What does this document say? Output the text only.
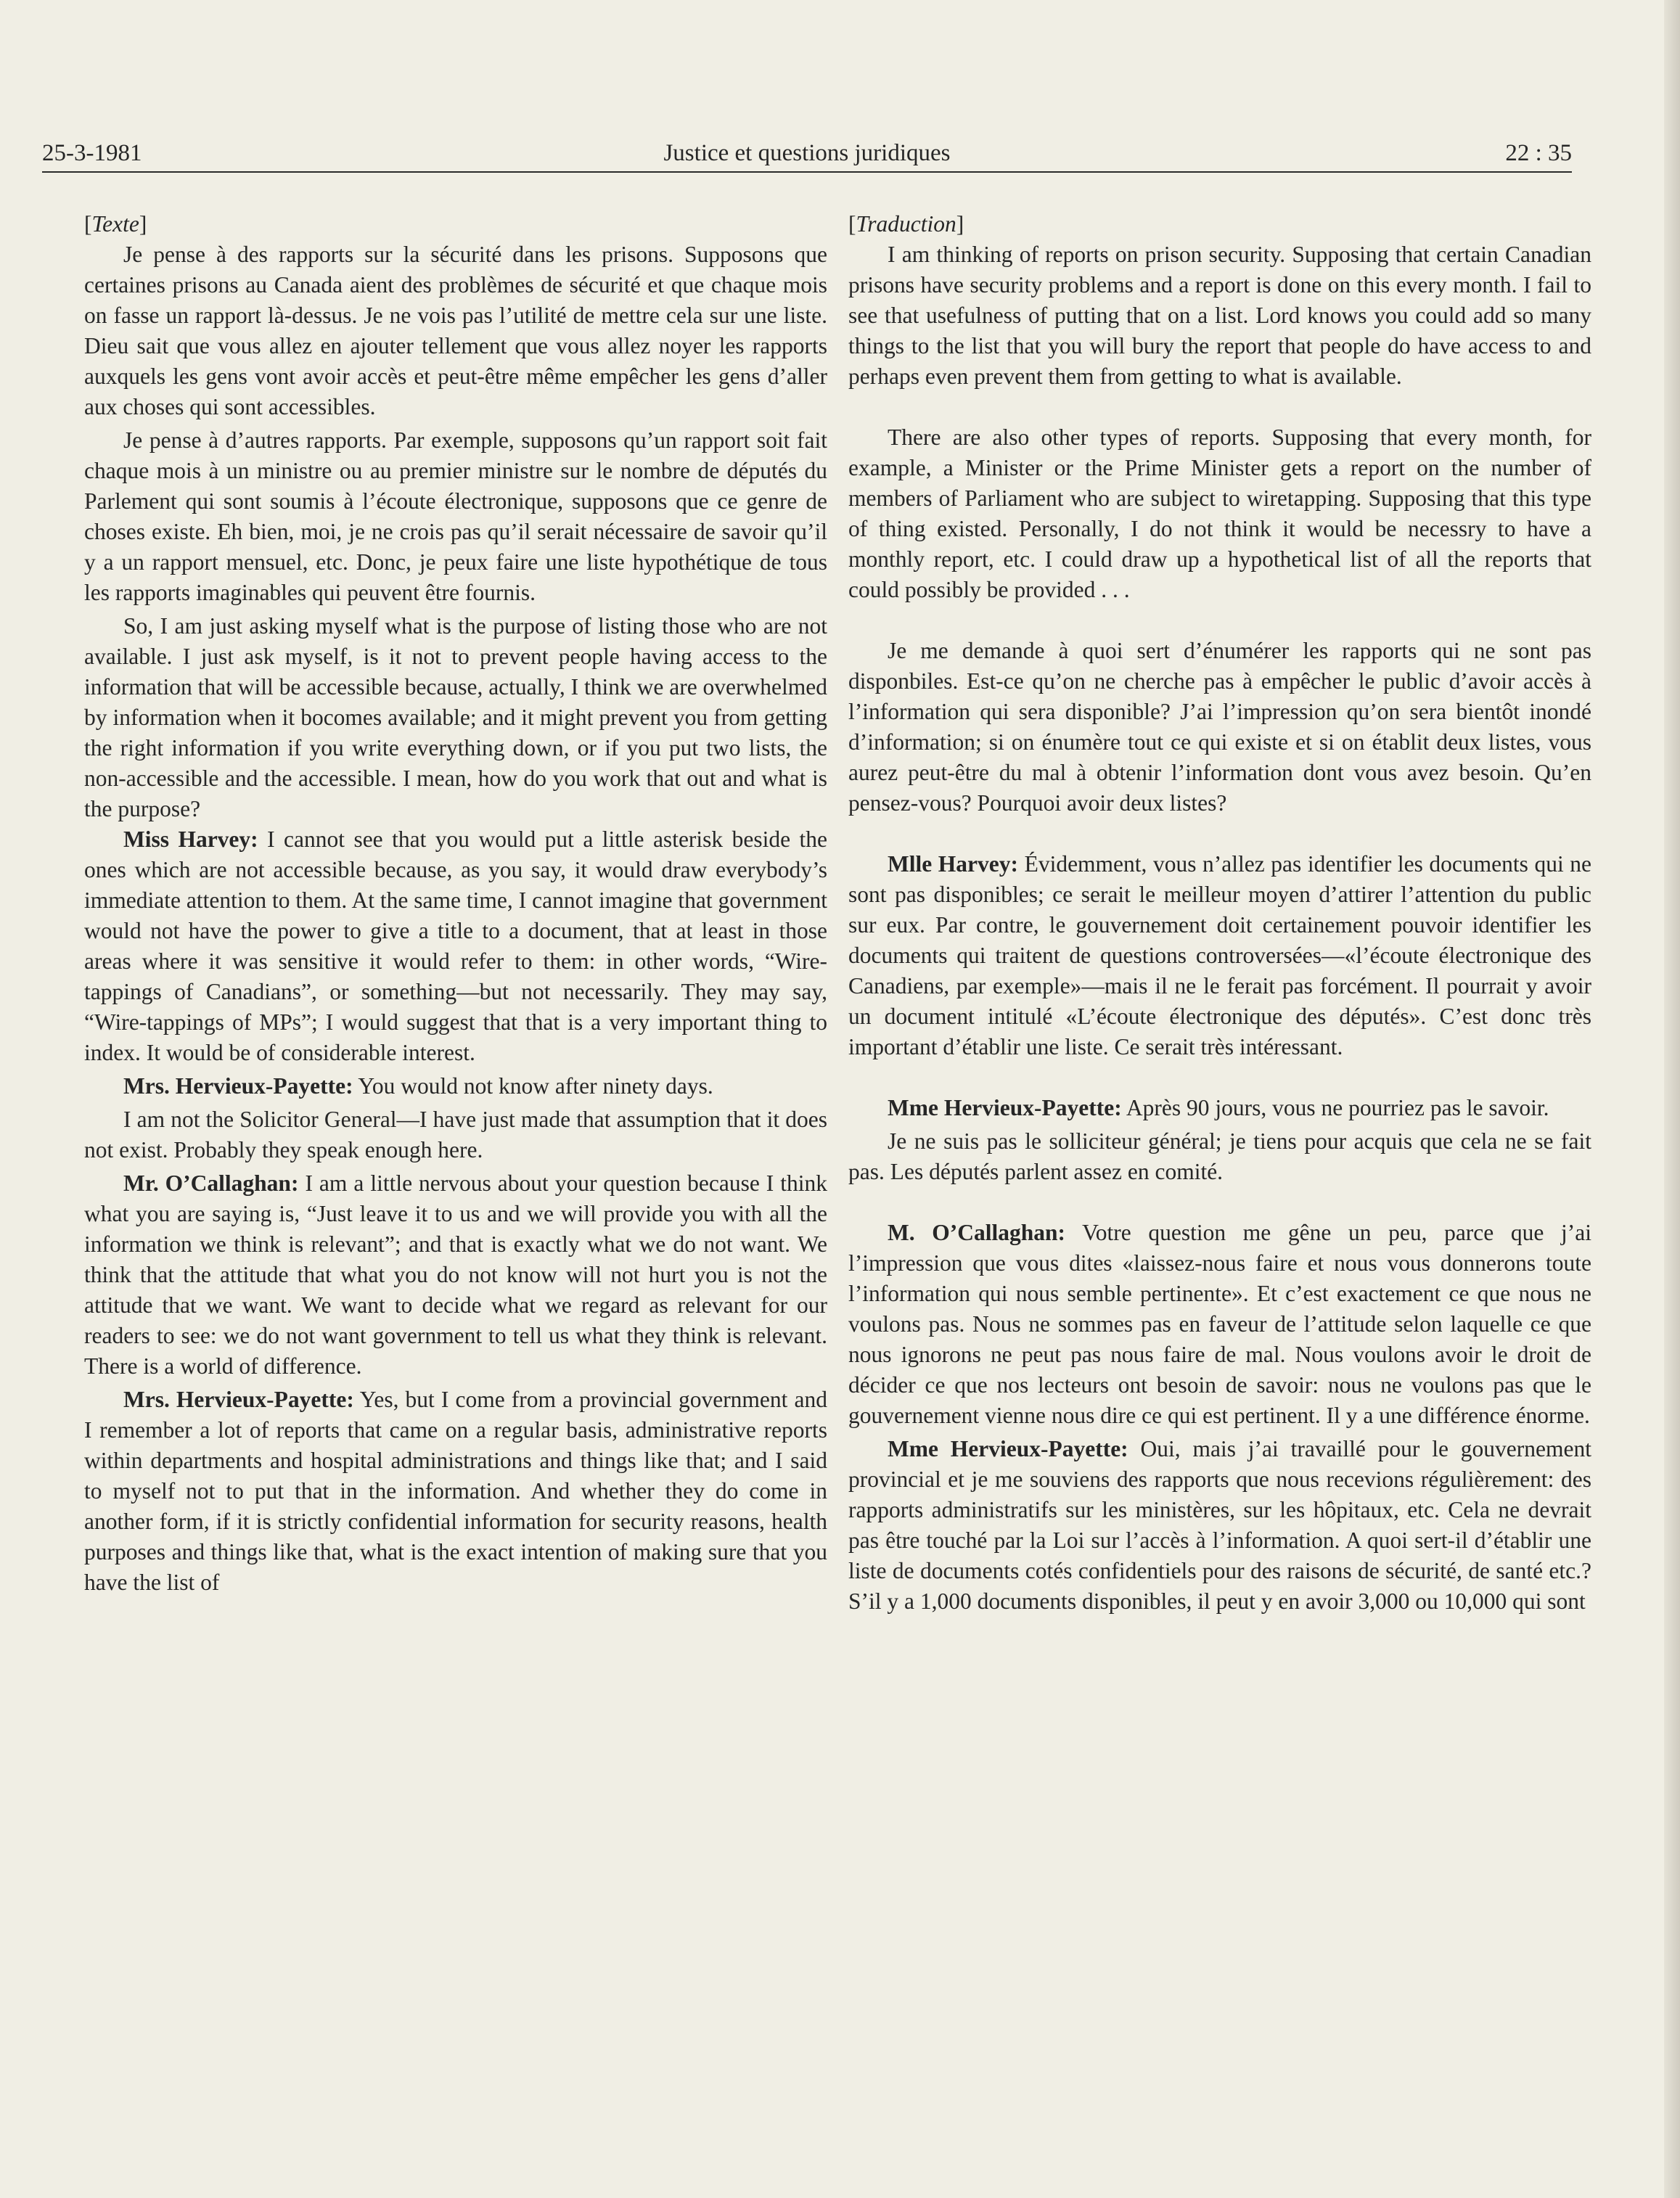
25-3-1981	Justice et questions juridiques	22 : 35

[Texte]

Je pense à des rapports sur la sécurité dans les prisons. Supposons que certaines prisons au Canada aient des problèmes de sécurité et que chaque mois on fasse un rapport là-dessus. Je ne vois pas l’utilité de mettre cela sur une liste. Dieu sait que vous allez en ajouter tellement que vous allez noyer les rapports auxquels les gens vont avoir accès et peut-être même empêcher les gens d’aller aux choses qui sont accessibles.

Je pense à d’autres rapports. Par exemple, supposons qu’un rapport soit fait chaque mois à un ministre ou au premier ministre sur le nombre de députés du Parlement qui sont soumis à l’écoute électronique, supposons que ce genre de choses existe. Eh bien, moi, je ne crois pas qu’il serait nécessaire de savoir qu’il y a un rapport mensuel, etc. Donc, je peux faire une liste hypothétique de tous les rapports imaginables qui peuvent être fournis.

So, I am just asking myself what is the purpose of listing those who are not available. I just ask myself, is it not to prevent people having access to the information that will be accessible because, actually, I think we are overwhelmed by information when it bocomes available; and it might prevent you from getting the right information if you write everything down, or if you put two lists, the non-accessible and the accessible. I mean, how do you work that out and what is the purpose?

Miss Harvey: I cannot see that you would put a little asterisk beside the ones which are not accessible because, as you say, it would draw everybody’s immediate attention to them. At the same time, I cannot imagine that government would not have the power to give a title to a document, that at least in those areas where it was sensitive it would refer to them: in other words, “Wire-tappings of Canadians”, or something—but not necessarily. They may say, “Wire-tappings of MPs”; I would suggest that that is a very important thing to index. It would be of considerable interest.

Mrs. Hervieux-Payette: You would not know after ninety days.

I am not the Solicitor General—I have just made that assumption that it does not exist. Probably they speak enough here.

Mr. O’Callaghan: I am a little nervous about your question because I think what you are saying is, “Just leave it to us and we will provide you with all the information we think is relevant”; and that is exactly what we do not want. We think that the attitude that what you do not know will not hurt you is not the attitude that we want. We want to decide what we regard as relevant for our readers to see: we do not want government to tell us what they think is relevant. There is a world of difference.

Mrs. Hervieux-Payette: Yes, but I come from a provincial government and I remember a lot of reports that came on a regular basis, administrative reports within departments and hospital administrations and things like that; and I said to myself not to put that in the information. And whether they do come in another form, if it is strictly confidential information for security reasons, health purposes and things like that, what is the exact intention of making sure that you have the list of

[Traduction]

I am thinking of reports on prison security. Supposing that certain Canadian prisons have security problems and a report is done on this every month. I fail to see that usefulness of putting that on a list. Lord knows you could add so many things to the list that you will bury the report that people do have access to and perhaps even prevent them from getting to what is available.

There are also other types of reports. Supposing that every month, for example, a Minister or the Prime Minister gets a report on the number of members of Parliament who are subject to wiretapping. Supposing that this type of thing existed. Personally, I do not think it would be necessry to have a monthly report, etc. I could draw up a hypothetical list of all the reports that could possibly be provided . . .

Je me demande à quoi sert d’énumérer les rapports qui ne sont pas disponbiles. Est-ce qu’on ne cherche pas à empêcher le public d’avoir accès à l’information qui sera disponible? J’ai l’impression qu’on sera bientôt inondé d’information; si on énumère tout ce qui existe et si on établit deux listes, vous aurez peut-être du mal à obtenir l’information dont vous avez besoin. Qu’en pensez-vous? Pourquoi avoir deux listes?

Mlle Harvey: Évidemment, vous n’allez pas identifier les documents qui ne sont pas disponibles; ce serait le meilleur moyen d’attirer l’attention du public sur eux. Par contre, le gouvernement doit certainement pouvoir identifier les documents qui traitent de questions controversées—«l’écoute électronique des Canadiens, par exemple»—mais il ne le ferait pas forcément. Il pourrait y avoir un document intitulé «L’écoute électronique des députés». C’est donc très important d’établir une liste. Ce serait très intéressant.

Mme Hervieux-Payette: Après 90 jours, vous ne pourriez pas le savoir.

Je ne suis pas le solliciteur général; je tiens pour acquis que cela ne se fait pas. Les députés parlent assez en comité.

M. O’Callaghan: Votre question me gêne un peu, parce que j’ai l’impression que vous dites «laissez-nous faire et nous vous donnerons toute l’information qui nous semble pertinente». Et c’est exactement ce que nous ne voulons pas. Nous ne sommes pas en faveur de l’attitude selon laquelle ce que nous ignorons ne peut pas nous faire de mal. Nous voulons avoir le droit de décider ce que nos lecteurs ont besoin de savoir: nous ne voulons pas que le gouvernement vienne nous dire ce qui est pertinent. Il y a une différence énorme.

Mme Hervieux-Payette: Oui, mais j’ai travaillé pour le gouvernement provincial et je me souviens des rapports que nous recevions régulièrement: des rapports administratifs sur les ministères, sur les hôpitaux, etc. Cela ne devrait pas être touché par la Loi sur l’accès à l’information. A quoi sert-il d’établir une liste de documents cotés confidentiels pour des raisons de sécurité, de santé etc.? S’il y a 1,000 documents disponibles, il peut y en avoir 3,000 ou 10,000 qui sont
